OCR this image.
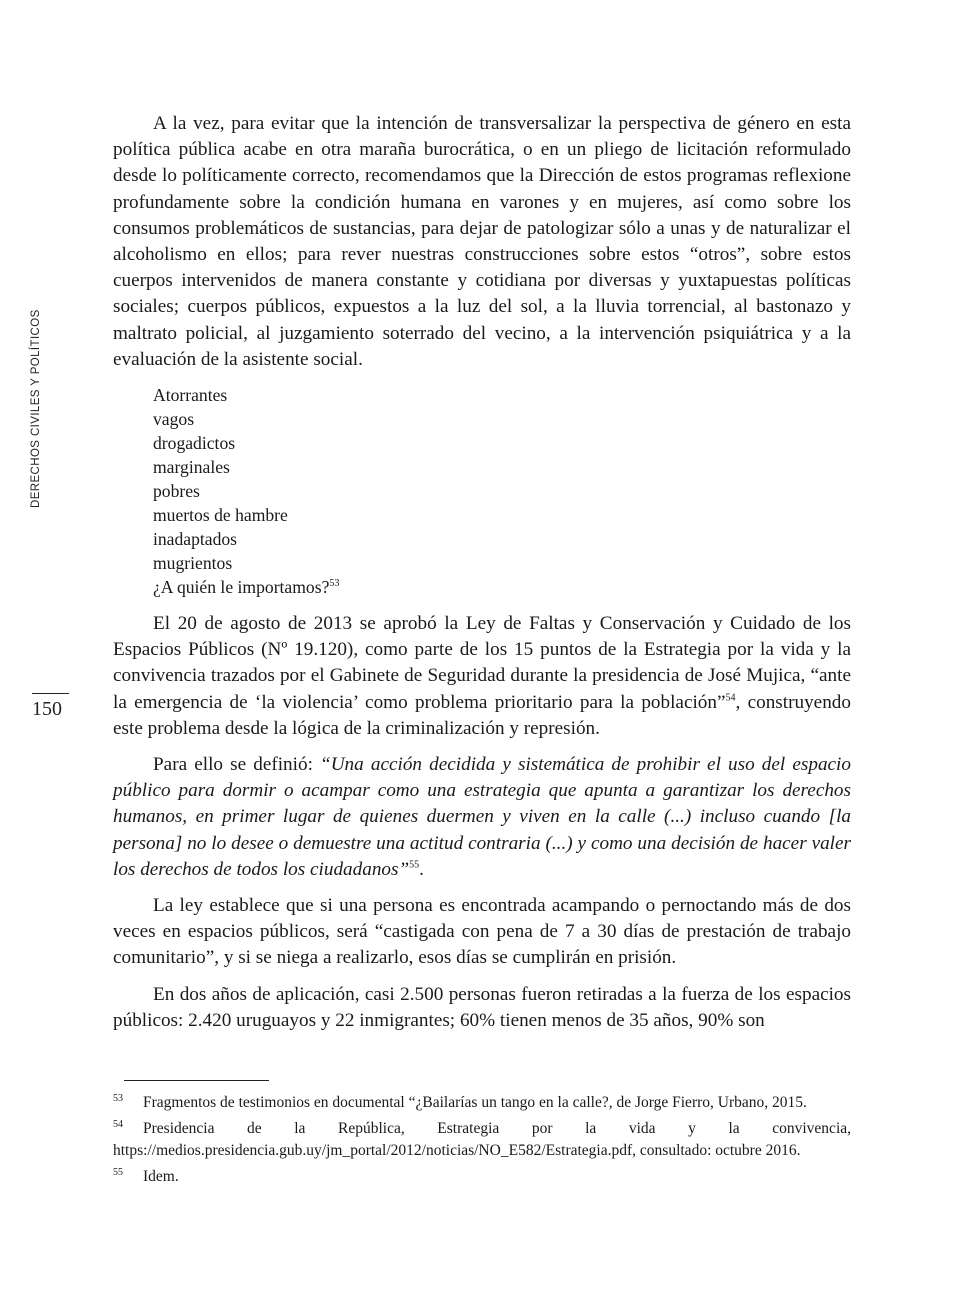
DERECHOS CIVILES Y POLÍTICOS
150

A la vez, para evitar que la intención de transversalizar la perspectiva de género en esta política pública acabe en otra maraña burocrática, o en un pliego de licitación reformulado desde lo políticamente correcto, recomendamos que la Dirección de estos programas reflexione profundamente sobre la condición humana en varones y en mujeres, así como sobre los consumos problemáticos de sustancias, para dejar de patologizar sólo a unas y de naturalizar el alcoholismo en ellos; para rever nuestras construcciones sobre estos “otros”, sobre estos cuerpos intervenidos de manera constante y cotidiana por diversas y yuxtapuestas políticas sociales; cuerpos públicos, expuestos a la luz del sol, a la lluvia torrencial, al bastonazo y maltrato policial, al juzgamiento soterrado del vecino, a la intervención psiquiátrica y a la evaluación de la asistente social.

Atorrantes
vagos
drogadictos
marginales
pobres
muertos de hambre
inadaptados
mugrientos
¿A quién le importamos?$^{53}$

El 20 de agosto de 2013 se aprobó la Ley de Faltas y Conservación y Cuidado de los Espacios Públicos (Nº 19.120), como parte de los 15 puntos de la Estrategia por la vida y la convivencia trazados por el Gabinete de Seguridad durante la presidencia de José Mujica, “ante la emergencia de ‘la violencia’ como problema prioritario para la población”$^{54}$, construyendo este problema desde la lógica de la criminalización y represión.

Para ello se definió: “Una acción decidida y sistemática de prohibir el uso del espacio público para dormir o acampar como una estrategia que apunta a garantizar los derechos humanos, en primer lugar de quienes duermen y viven en la calle (...) incluso cuando [la persona] no lo desee o demuestre una actitud contraria (...) y como una decisión de hacer valer los derechos de todos los ciudadanos”$^{55}$.

La ley establece que si una persona es encontrada acampando o pernoctando más de dos veces en espacios públicos, será “castigada con pena de 7 a 30 días de prestación de trabajo comunitario”, y si se niega a realizarlo, esos días se cumplirán en prisión.

En dos años de aplicación, casi 2.500 personas fueron retiradas a la fuerza de los espacios públicos: 2.420 uruguayos y 22 inmigrantes; 60% tienen menos de 35 años, 90% son

53 Fragmentos de testimonios en documental “¿Bailarías un tango en la calle?, de Jorge Fierro, Urbano, 2015.

54 Presidencia de la República, Estrategia por la vida y la convivencia, https://medios.presidencia.gub.uy/jm_portal/2012/noticias/NO_E582/Estrategia.pdf, consultado: octubre 2016.

55 Idem.
